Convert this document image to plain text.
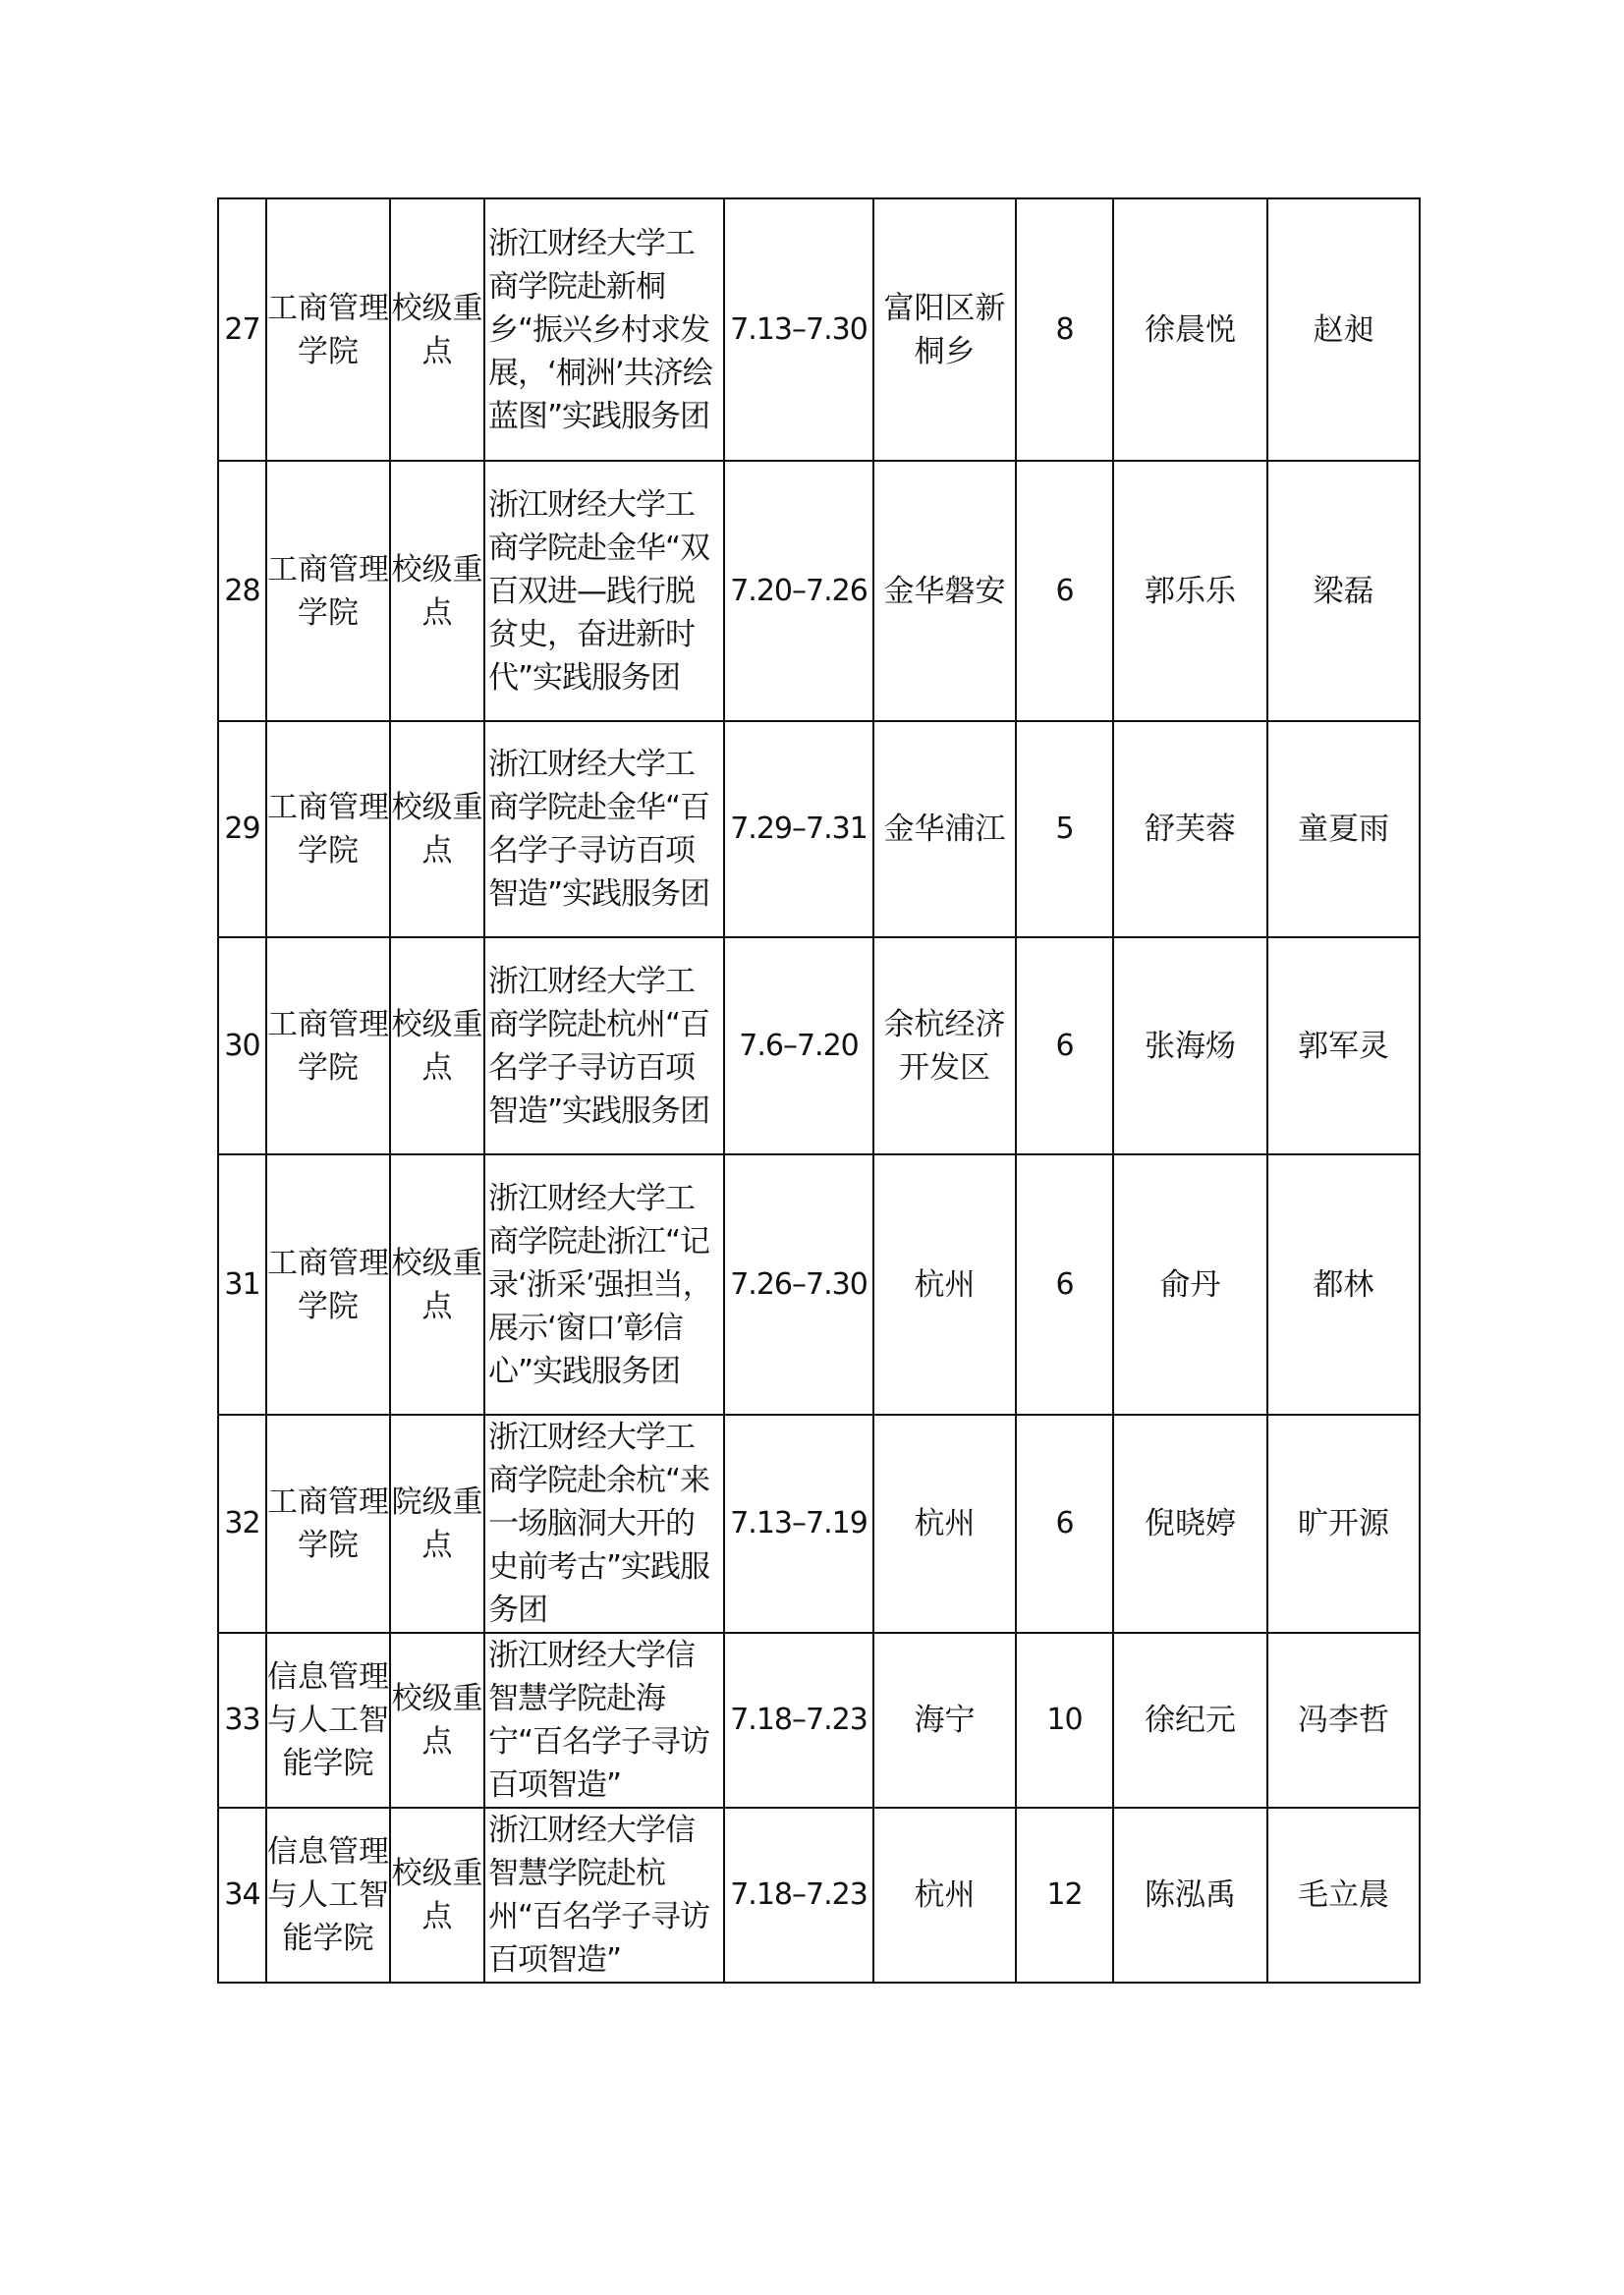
27	工商管理学院	校级重点	浙江财经大学工商学院赴新桐乡“振兴乡村求发展，‘桐洲’共济绘蓝图”实践服务团	7.13–7.30	富阳区新桐乡	8	徐晨悦	赵昶
28	工商管理学院	校级重点	浙江财经大学工商学院赴金华“双百双进—践行脱贫史，奋进新时代”实践服务团	7.20–7.26	金华磐安	6	郭乐乐	梁磊
29	工商管理学院	校级重点	浙江财经大学工商学院赴金华“百名学子寻访百项智造”实践服务团	7.29–7.31	金华浦江	5	舒芙蓉	童夏雨
30	工商管理学院	校级重点	浙江财经大学工商学院赴杭州“百名学子寻访百项智造”实践服务团	7.6–7.20	余杭经济开发区	6	张海炀	郭军灵
31	工商管理学院	校级重点	浙江财经大学工商学院赴浙江“记录‘浙采’强担当，展示‘窗口’彰信心”实践服务团	7.26–7.30	杭州	6	俞丹	都林
32	工商管理学院	院级重点	浙江财经大学工商学院赴余杭“来一场脑洞大开的史前考古”实践服务团	7.13–7.19	杭州	6	倪晓婷	旷开源
33	信息管理与人工智能学院	校级重点	浙江财经大学信智慧学院赴海宁“百名学子寻访百项智造”	7.18–7.23	海宁	10	徐纪元	冯李哲
34	信息管理与人工智能学院	校级重点	浙江财经大学信智慧学院赴杭州“百名学子寻访百项智造”	7.18–7.23	杭州	12	陈泓禹	毛立晨
